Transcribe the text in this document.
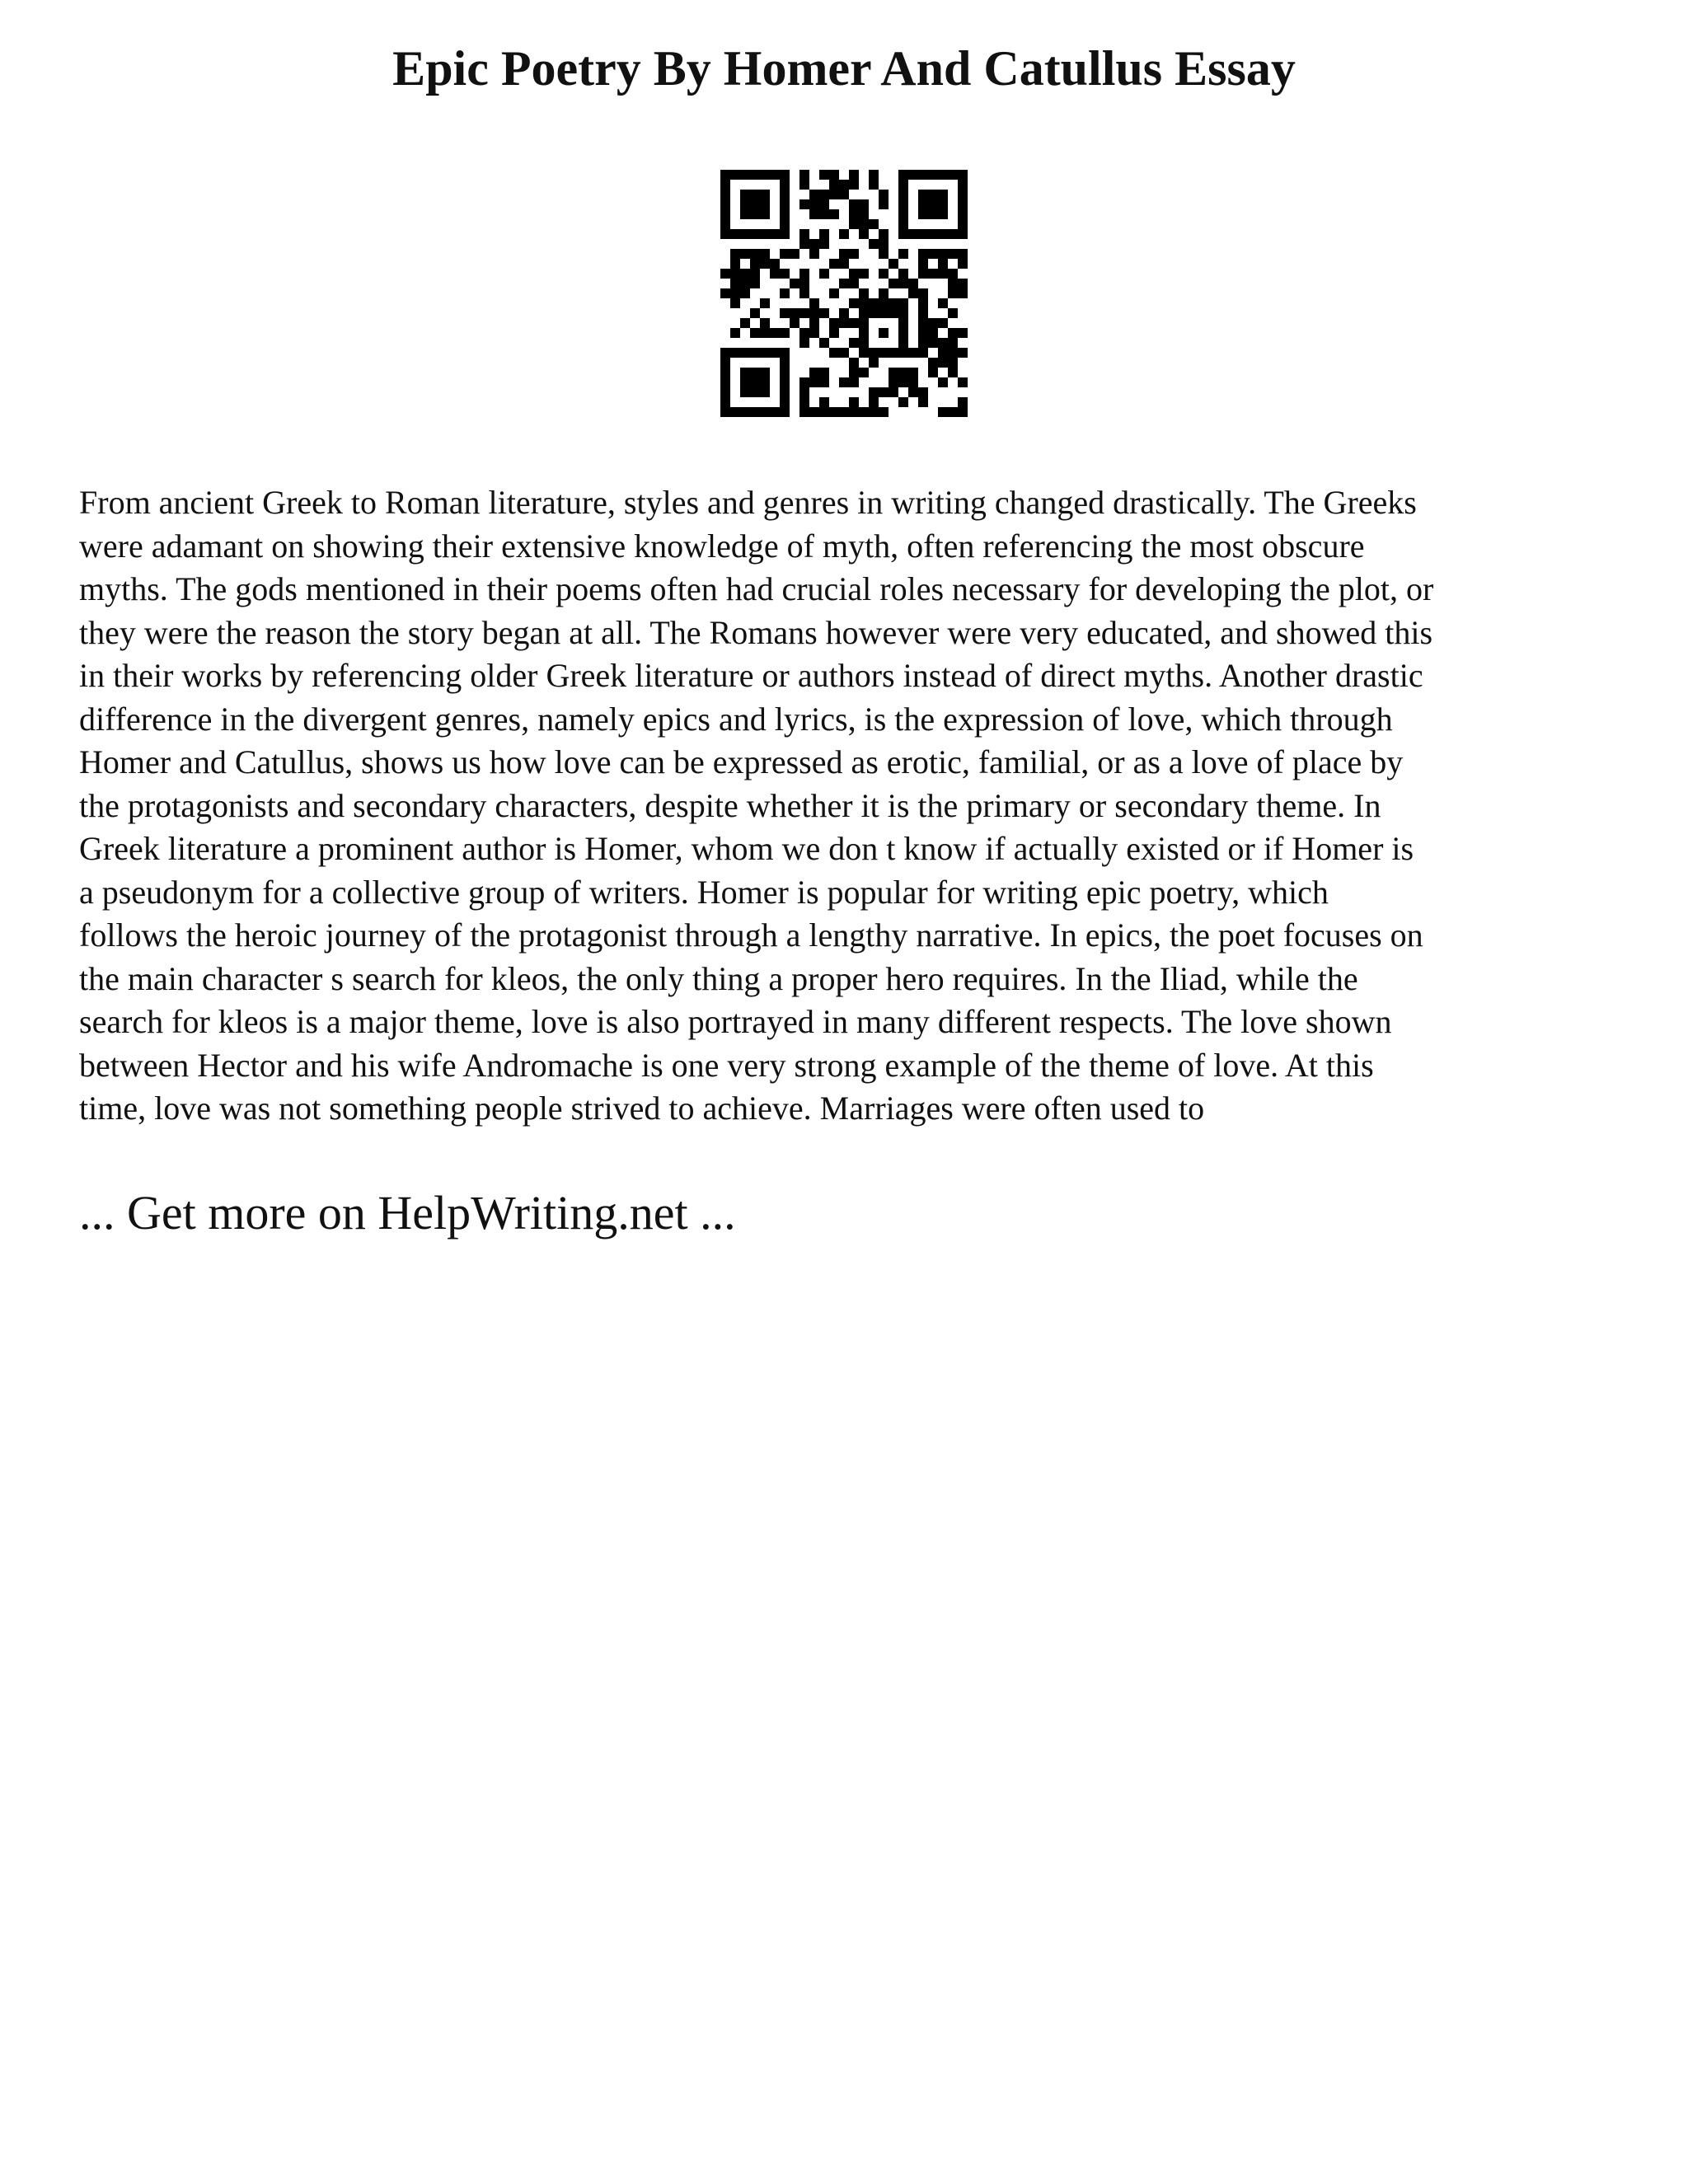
Epic Poetry By Homer And Catullus Essay

From ancient Greek to Roman literature, styles and genres in writing changed drastically. The Greeks
were adamant on showing their extensive knowledge of myth, often referencing the most obscure
myths. The gods mentioned in their poems often had crucial roles necessary for developing the plot, or
they were the reason the story began at all. The Romans however were very educated, and showed this
in their works by referencing older Greek literature or authors instead of direct myths. Another drastic
difference in the divergent genres, namely epics and lyrics, is the expression of love, which through
Homer and Catullus, shows us how love can be expressed as erotic, familial, or as a love of place by
the protagonists and secondary characters, despite whether it is the primary or secondary theme. In
Greek literature a prominent author is Homer, whom we don t know if actually existed or if Homer is
a pseudonym for a collective group of writers. Homer is popular for writing epic poetry, which
follows the heroic journey of the protagonist through a lengthy narrative. In epics, the poet focuses on
the main character s search for kleos, the only thing a proper hero requires. In the Iliad, while the
search for kleos is a major theme, love is also portrayed in many different respects. The love shown
between Hector and his wife Andromache is one very strong example of the theme of love. At this
time, love was not something people strived to achieve. Marriages were often used to

... Get more on HelpWriting.net ...
